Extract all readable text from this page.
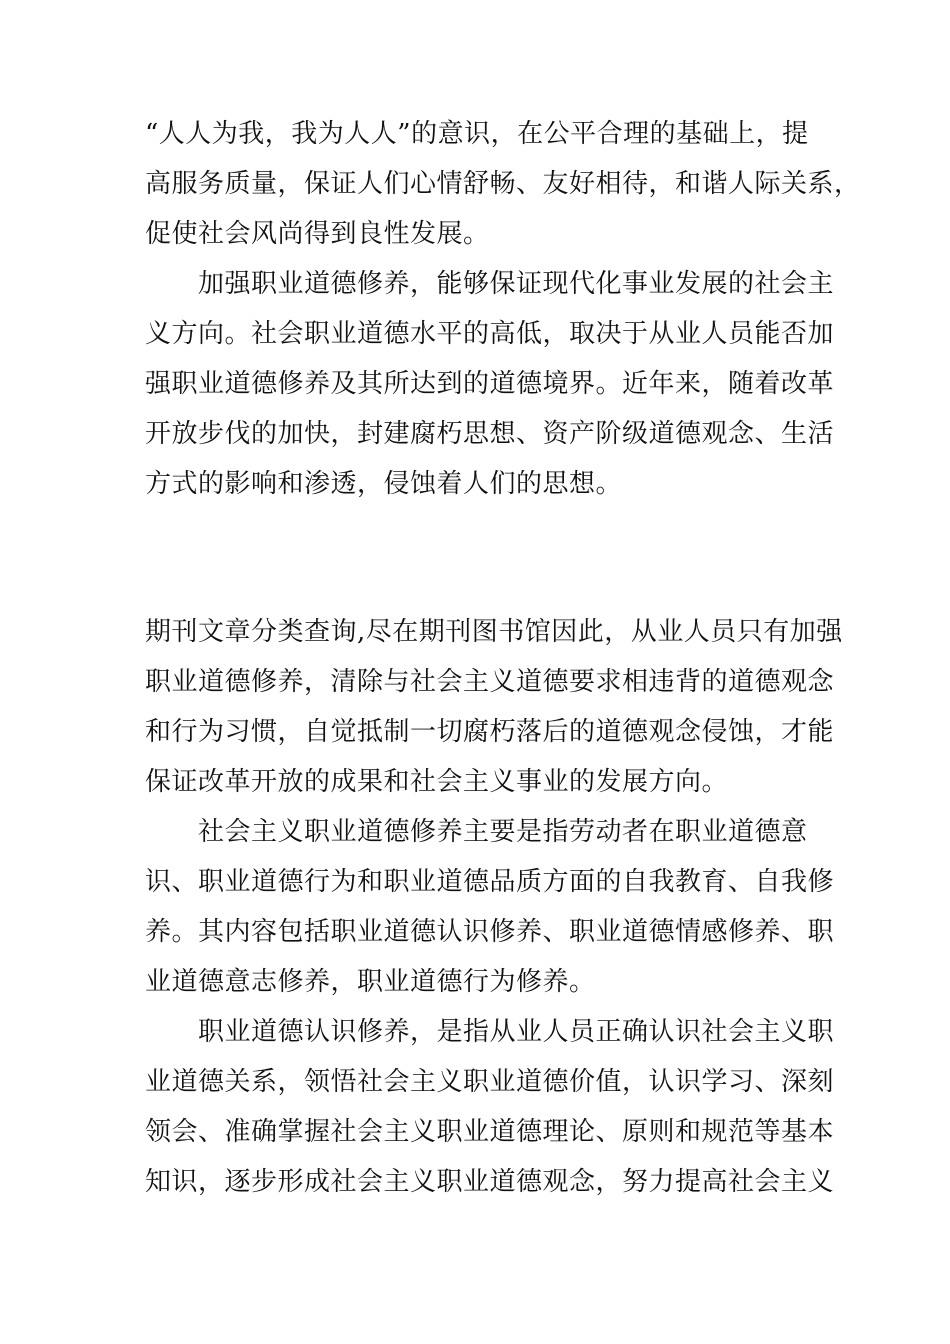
“人人为我，我为人人”的意识，在公平合理的基础上，提
高服务质量，保证人们心情舒畅、友好相待，和谐人际关系，
促使社会风尚得到良性发展。
　　加强职业道德修养，能够保证现代化事业发展的社会主
义方向。社会职业道德水平的高低，取决于从业人员能否加
强职业道德修养及其所达到的道德境界。近年来，随着改革
开放步伐的加快，封建腐朽思想、资产阶级道德观念、生活
方式的影响和渗透，侵蚀着人们的思想。
期刊文章分类查询,尽在期刊图书馆因此，从业人员只有加强
职业道德修养，清除与社会主义道德要求相违背的道德观念
和行为习惯，自觉抵制一切腐朽落后的道德观念侵蚀，才能
保证改革开放的成果和社会主义事业的发展方向。
　　社会主义职业道德修养主要是指劳动者在职业道德意
识、职业道德行为和职业道德品质方面的自我教育、自我修
养。其内容包括职业道德认识修养、职业道德情感修养、职
业道德意志修养，职业道德行为修养。
　　职业道德认识修养，是指从业人员正确认识社会主义职
业道德关系，领悟社会主义职业道德价值，认识学习、深刻
领会、准确掌握社会主义职业道德理论、原则和规范等基本
知识，逐步形成社会主义职业道德观念，努力提高社会主义
